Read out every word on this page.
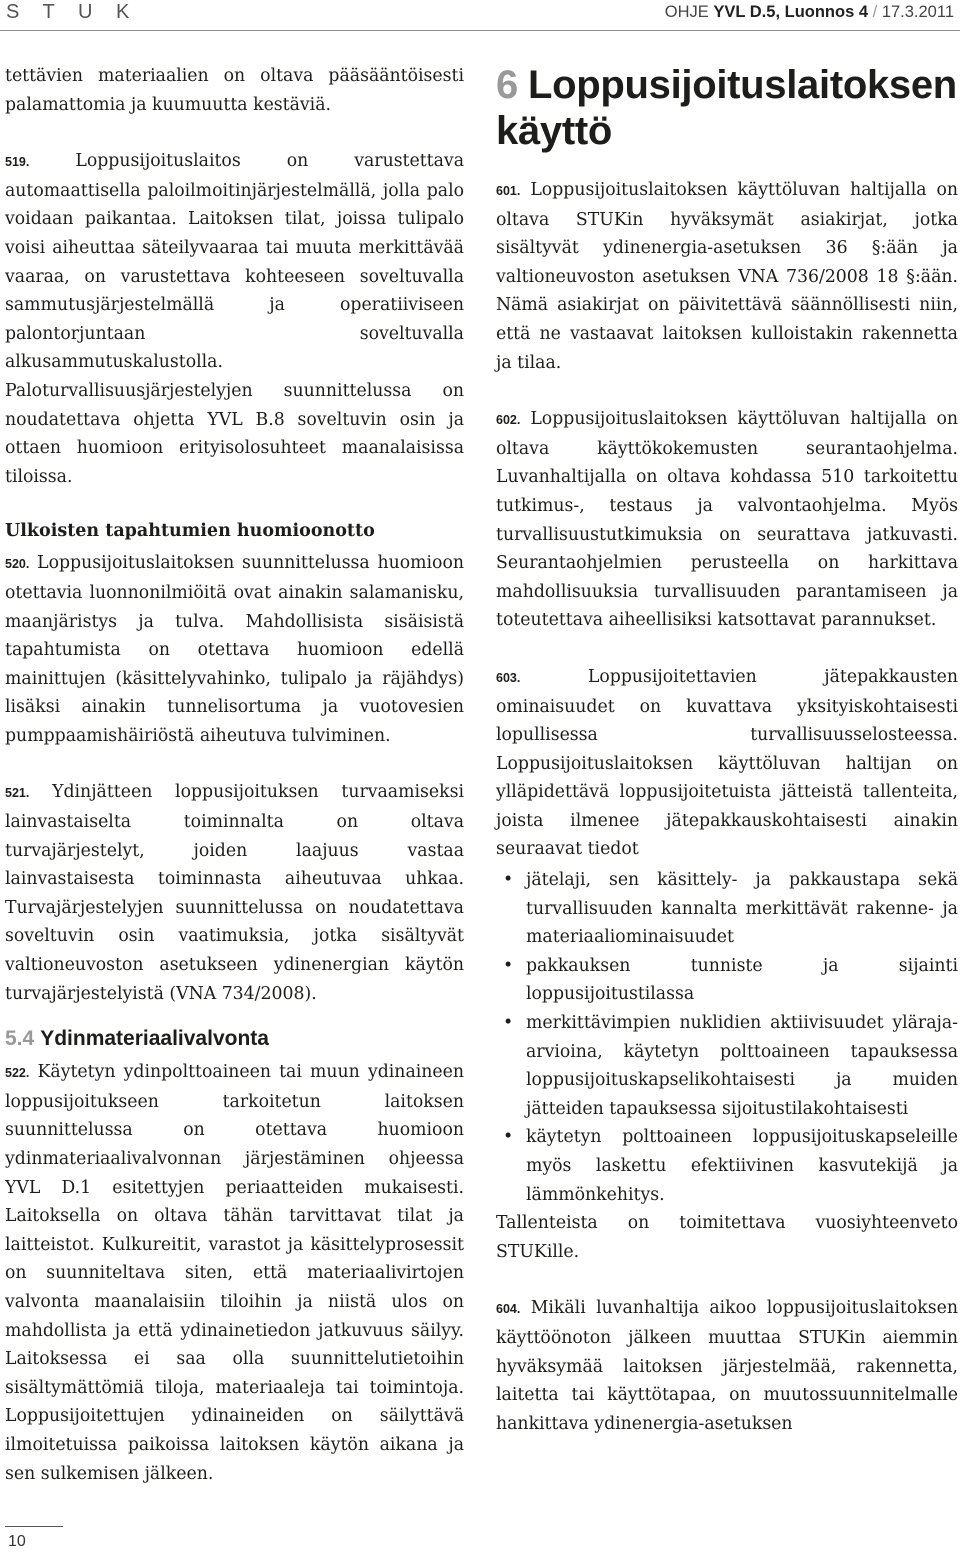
S T U K	OHJE YVL D.5, Luonnos 4 / 17.3.2011

tettävien materiaalien on oltava pääsääntöisesti palamattomia ja kuumuutta kestäviä.

519.	Loppusijoituslaitos on varustettava automaattisella paloilmoitinjärjestelmällä, jolla palo voidaan paikantaa. Laitoksen tilat, joissa tulipalo voisi aiheuttaa säteilyvaaraa tai muuta merkittävää vaaraa, on varustettava kohteeseen soveltuvalla sammutusjärjestelmällä ja operatiiviseen palontorjuntaan soveltuvalla alkusammutuskalustolla. Paloturvallisuusjärjestelyjen suunnittelussa on noudatettava ohjetta YVL B.8 soveltuvin osin ja ottaen huomioon erityisolosuhteet maanalaisissa tiloissa.

Ulkoisten tapahtumien huomioonotto

520. Loppusijoituslaitoksen suunnittelussa huomioon otettavia luonnonilmiöitä ovat ainakin salamanisku, maanjäristys ja tulva. Mahdollisista sisäisistä tapahtumista on otettava huomioon edellä mainittujen (käsittelyvahinko, tulipalo ja räjähdys) lisäksi ainakin tunnelisortuma ja vuotovesien pumppaamishäiriöstä aiheutuva tulviminen.

521. Ydinjätteen loppusijoituksen turvaamiseksi lainvastaiselta toiminnalta on oltava turvajärjestelyt, joiden laajuus vastaa lainvastaisesta toiminnasta aiheutuvaa uhkaa. Turvajärjestelyjen suunnittelussa on noudatettava soveltuvin osin vaatimuksia, jotka sisältyvät valtioneuvoston asetukseen ydinenergian käytön turvajärjestelyistä (VNA 734/2008).

5.4 Ydinmateriaalivalvonta

522. Käytetyn ydinpolttoaineen tai muun ydinaineen loppusijoitukseen tarkoitetun laitoksen suunnittelussa on otettava huomioon ydinmateriaalivalvonnan järjestäminen ohjeessa YVL D.1 esitettyjen periaatteiden mukaisesti. Laitoksella on oltava tähän tarvittavat tilat ja laitteistot. Kulkureitit, varastot ja käsittelyprosessit on suunniteltava siten, että materiaalivirtojen valvonta maanalaisiin tiloihin ja niistä ulos on mahdollista ja että ydinainetiedon jatkuvuus säilyy. Laitoksessa ei saa olla suunnittelutietoihin sisältymättömiä tiloja, materiaaleja tai toimintoja. Loppusijoitettujen ydinaineiden on säilyttävä ilmoitetuissa paikoissa laitoksen käytön aikana ja sen sulkemisen jälkeen.

6 Loppusijoituslaitoksen käyttö

601. Loppusijoituslaitoksen käyttöluvan haltijalla on oltava STUKin hyväksymät asiakirjat, jotka sisältyvät ydinenergia-asetuksen 36 §:ään ja valtioneuvoston asetuksen VNA 736/2008 18 §:ään. Nämä asiakirjat on päivitettävä säännöllisesti niin, että ne vastaavat laitoksen kulloistakin rakennetta ja tilaa.

602. Loppusijoituslaitoksen käyttöluvan haltijalla on oltava käyttökokemusten seurantaohjelma. Luvanhaltijalla on oltava kohdassa 510 tarkoitettu tutkimus-, testaus ja valvontaohjelma. Myös turvallisuustutkimuksia on seurattava jatkuvasti. Seurantaohjelmien perusteella on harkittava mahdollisuuksia turvallisuuden parantamiseen ja toteutettava aiheellisiksi katsottavat parannukset.

603.	Loppusijoitettavien jätepakkausten ominaisuudet on kuvattava yksityiskohtaisesti lopullisessa turvallisuusselosteessa. Loppusijoituslaitoksen käyttöluvan haltijan on ylläpidettävä loppusijoitetuista jätteistä tallenteita, joista ilmenee jätepakkauskohtaisesti ainakin seuraavat tiedot

• jätelaji, sen käsittely- ja pakkaustapa sekä turvallisuuden kannalta merkittävät rakenne- ja materiaaliominaisuudet
• pakkauksen tunniste ja sijainti loppusijoitustilassa
• merkittävimpien nuklidien aktiivisuudet yläraja-arvioina, käytetyn polttoaineen tapauksessa loppusijoituskapselikohtaisesti ja muiden jätteiden tapauksessa sijoitustilakohtaisesti
• käytetyn polttoaineen loppusijoituskapseleille myös laskettu efektiivinen kasvutekijä ja lämmönkehitys.

Tallenteista on toimitettava vuosiyhteenveto STUKille.

604. Mikäli luvanhaltija aikoo loppusijoituslaitoksen käyttöönoton jälkeen muuttaa STUKin aiemmin hyväksymää laitoksen järjestelmää, rakennetta, laitetta tai käyttötapaa, on muutossuunnitelmalle hankittava ydinenergia-asetuksen

10
